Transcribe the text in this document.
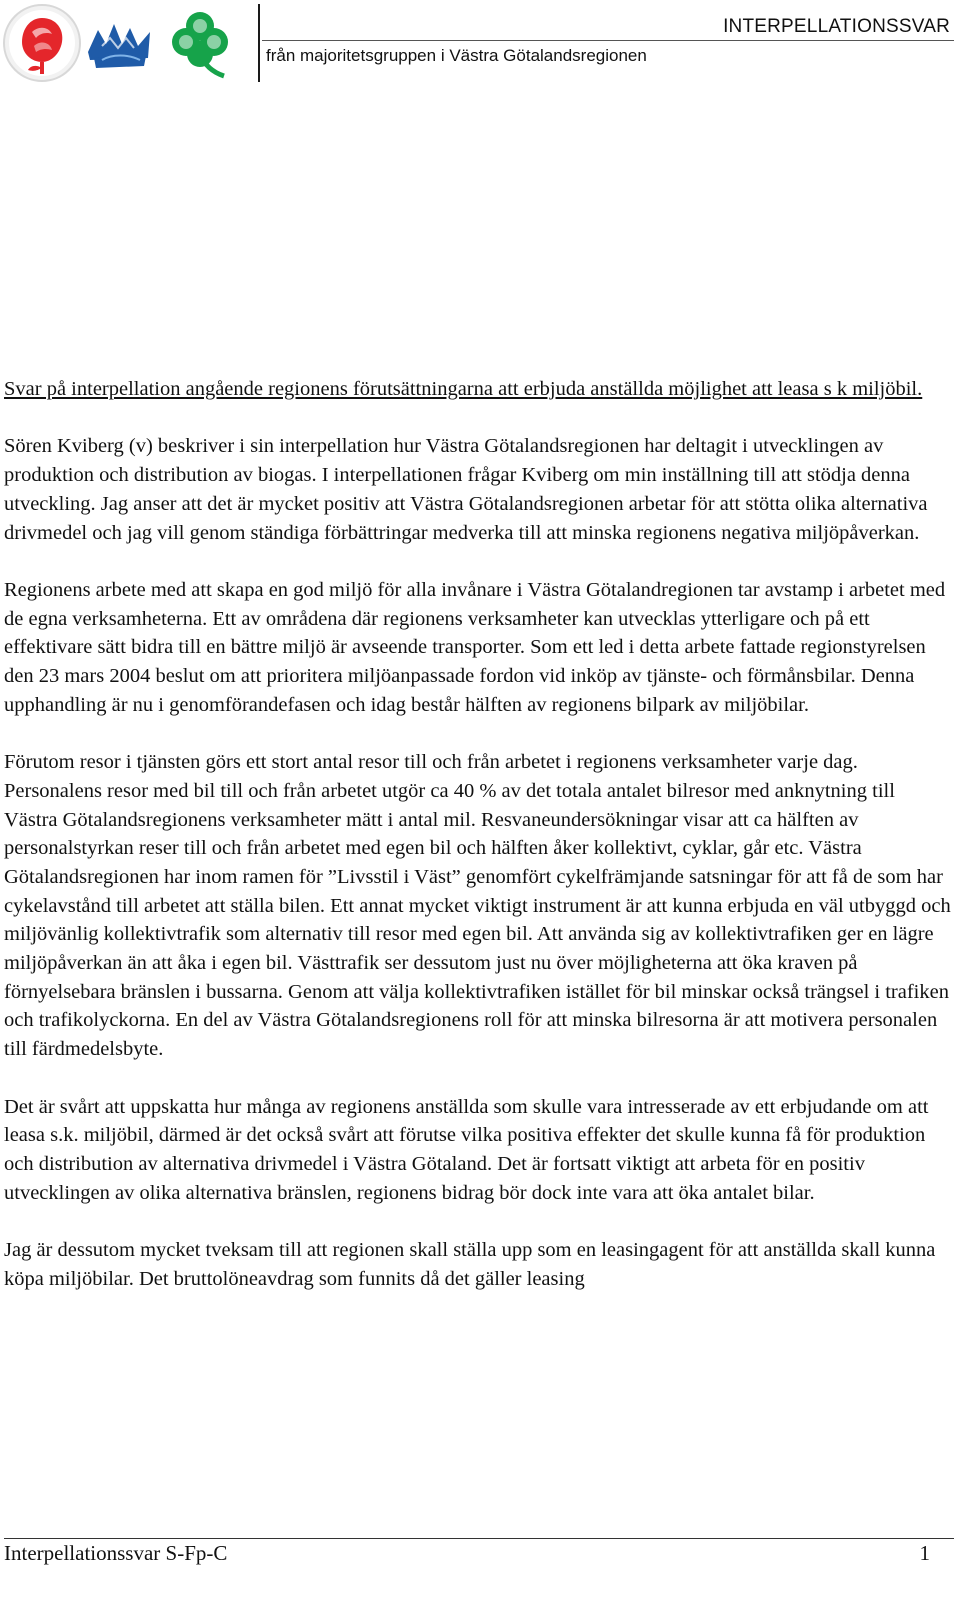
INTERPELLATIONSSVAR
från majoritetsgruppen i Västra Götalandsregionen

Svar på interpellation angående regionens förutsättningarna att erbjuda anställda möjlighet att leasa s k miljöbil.

Sören Kviberg (v) beskriver i sin interpellation hur Västra Götalandsregionen har deltagit i utvecklingen av produktion och distribution av biogas. I interpellationen frågar Kviberg om min inställning till att stödja denna utveckling. Jag anser att det är mycket positiv att Västra Götalandsregionen arbetar för att stötta olika alternativa drivmedel och jag vill genom ständiga förbättringar medverka till att minska regionens negativa miljöpåverkan.

Regionens arbete med att skapa en god miljö för alla invånare i Västra Götalandregionen tar avstamp i arbetet med de egna verksamheterna. Ett av områdena där regionens verksamheter kan utvecklas ytterligare och på ett effektivare sätt bidra till en bättre miljö är avseende transporter. Som ett led i detta arbete fattade regionstyrelsen den 23 mars 2004 beslut om att prioritera miljöanpassade fordon vid inköp av tjänste- och förmånsbilar. Denna upphandling är nu i genomförandefasen och idag består hälften av regionens bilpark av miljöbilar.

Förutom resor i tjänsten görs ett stort antal resor till och från arbetet i regionens verksamheter varje dag. Personalens resor med bil till och från arbetet utgör ca 40 % av det totala antalet bilresor med anknytning till Västra Götalandsregionens verksamheter mätt i antal mil. Resvaneundersökningar visar att ca hälften av personalstyrkan reser till och från arbetet med egen bil och hälften åker kollektivt, cyklar, går etc. Västra Götalandsregionen har inom ramen för ”Livsstil i Väst” genomfört cykelfrämjande satsningar för att få de som har cykelavstånd till arbetet att ställa bilen. Ett annat mycket viktigt instrument är att kunna erbjuda en väl utbyggd och miljövänlig kollektivtrafik som alternativ till resor med egen bil. Att använda sig av kollektivtrafiken ger en lägre miljöpåverkan än att åka i egen bil. Västtrafik ser dessutom just nu över möjligheterna att öka kraven på förnyelsebara bränslen i bussarna. Genom att välja kollektivtrafiken istället för bil minskar också trängsel i trafiken och trafikolyckorna. En del av Västra Götalandsregionens roll för att minska bilresorna är att motivera personalen till färdmedelsbyte.

Det är svårt att uppskatta hur många av regionens anställda som skulle vara intresserade av ett erbjudande om att leasa s.k. miljöbil, därmed är det också svårt att förutse vilka positiva effekter det skulle kunna få för produktion och distribution av alternativa drivmedel i Västra Götaland. Det är fortsatt viktigt att arbeta för en positiv utvecklingen av olika alternativa bränslen, regionens bidrag bör dock inte vara att öka antalet bilar.

Jag är dessutom mycket tveksam till att regionen skall ställa upp som en leasingagent för att anställda skall kunna köpa miljöbilar. Det bruttolöneavdrag som funnits då det gäller leasing

Interpellationssvar S-Fp-C	1
